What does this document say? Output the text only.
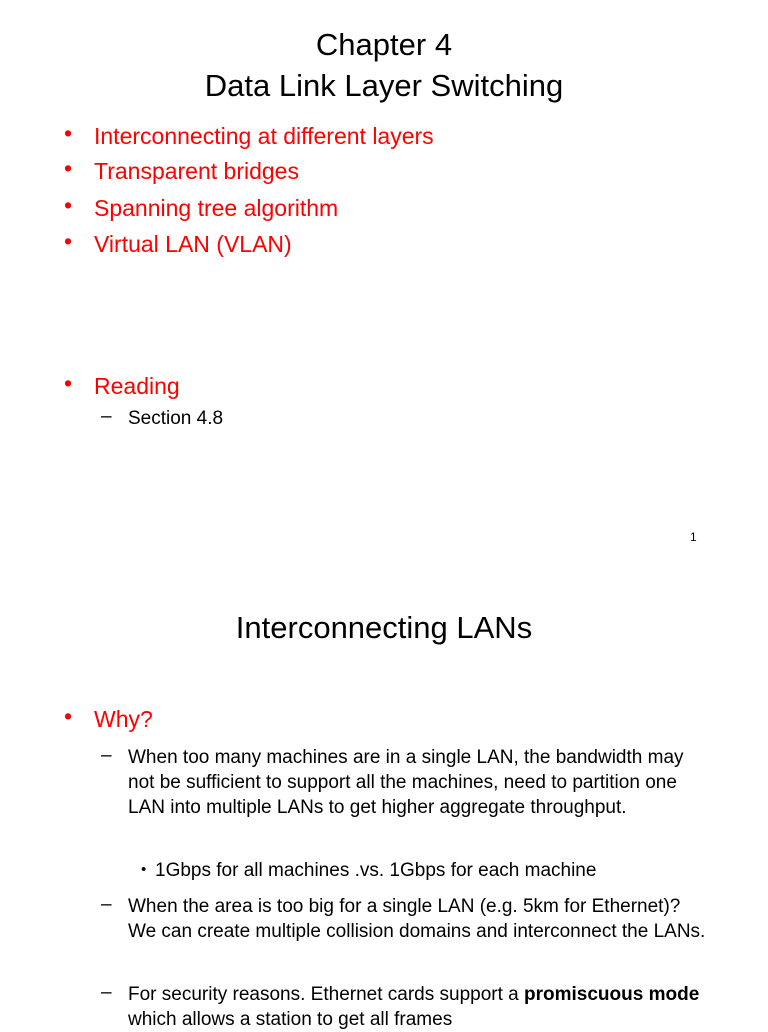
Chapter 4
Data Link Layer Switching
• Interconnecting at different layers
• Transparent bridges
• Spanning tree algorithm
• Virtual LAN (VLAN)
• Reading
– Section 4.8
1
Interconnecting LANs
• Why?
– When too many machines are in a single LAN, the bandwidth may not be sufficient to support all the machines, need to partition one LAN into multiple LANs to get higher aggregate throughput.
• 1Gbps for all machines .vs. 1Gbps for each machine
– When the area is too big for a single LAN (e.g. 5km for Ethernet)? We can create multiple collision domains and interconnect the LANs.
– For security reasons. Ethernet cards support a promiscuous mode which allows a station to get all frames
